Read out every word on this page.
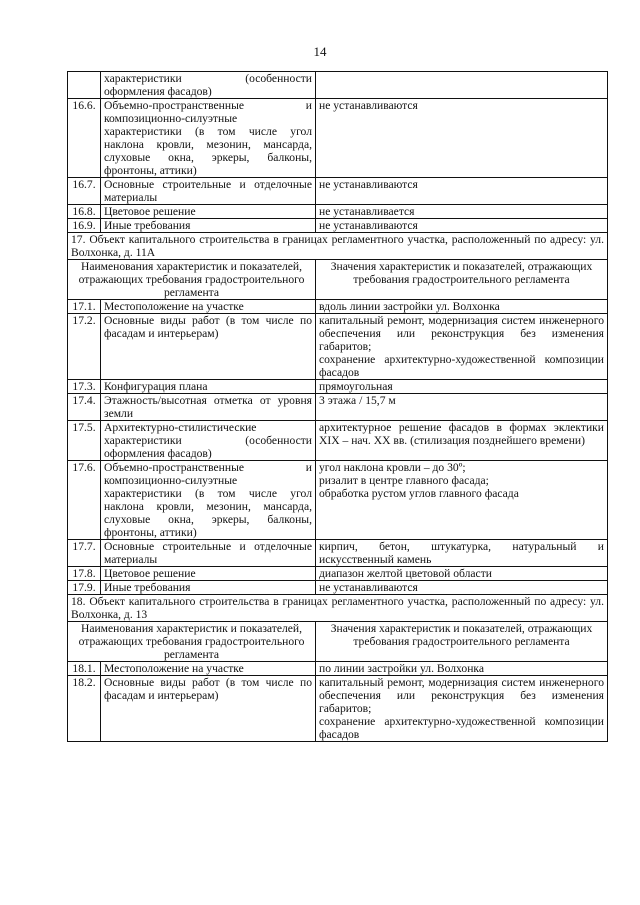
14
	характеристики (особенности оформления фасадов)	
16.6.	Объемно-пространственные и композиционно-силуэтные характеристики (в том числе угол наклона кровли, мезонин, мансарда, слуховые окна, эркеры, балконы, фронтоны, аттики)	не устанавливаются
16.7.	Основные строительные и отделочные материалы	не устанавливаются
16.8.	Цветовое решение	не устанавливается
16.9.	Иные требования	не устанавливаются
17. Объект капитального строительства в границах регламентного участка, расположенный по адресу: ул. Волхонка, д. 11А		
Наименования характеристик и показателей, отражающих требования градостроительного регламента		Значения характеристик и показателей, отражающих требования градостроительного регламента
17.1.	Местоположение на участке	вдоль линии застройки ул. Волхонка

17.2.	Основные виды работ (в том числе по фасадам и интерьерам)	капитальный ремонт, модернизация систем инженерного обеспечения или реконструкция без изменения габаритов;
сохранение архитектурно-художественной композиции фасадов

17.3.	Конфигурация плана	прямоугольная

17.4.	Этажность/высотная отметка от уровня земли	3 этажа / 15,7 м

17.5.	Архитектурно-стилистические характеристики (особенности оформления фасадов)	архитектурное решение фасадов в формах эклектики XIX – нач. XX вв. (стилизация позднейшего времени)

17.6.	Объемно-пространственные и композиционно-силуэтные характеристики (в том числе угол наклона кровли, мезонин, мансарда, слуховые окна, эркеры, балконы, фронтоны, аттики)	угол наклона кровли – до 30º;
ризалит в центре главного фасада;
обработка рустом углов главного фасада

17.7.	Основные строительные и отделочные материалы	кирпич, бетон, штукатурка, натуральный и искусственный камень

17.8.	Цветовое решение	диапазон желтой цветовой области

17.9.	Иные требования	не устанавливаются

18. Объект капитального строительства в границах регламентного участка, расположенный по адресу: ул. Волхонка, д. 13		
Наименования характеристик и показателей, отражающих требования градостроительного регламента		Значения характеристик и показателей, отражающих требования градостроительного регламента
18.1.	Местоположение на участке	по линии застройки ул. Волхонка

18.2.	Основные виды работ (в том числе по фасадам и интерьерам)	капитальный ремонт, модернизация систем инженерного обеспечения или реконструкция без изменения габаритов;
сохранение архитектурно-художественной композиции фасадов
